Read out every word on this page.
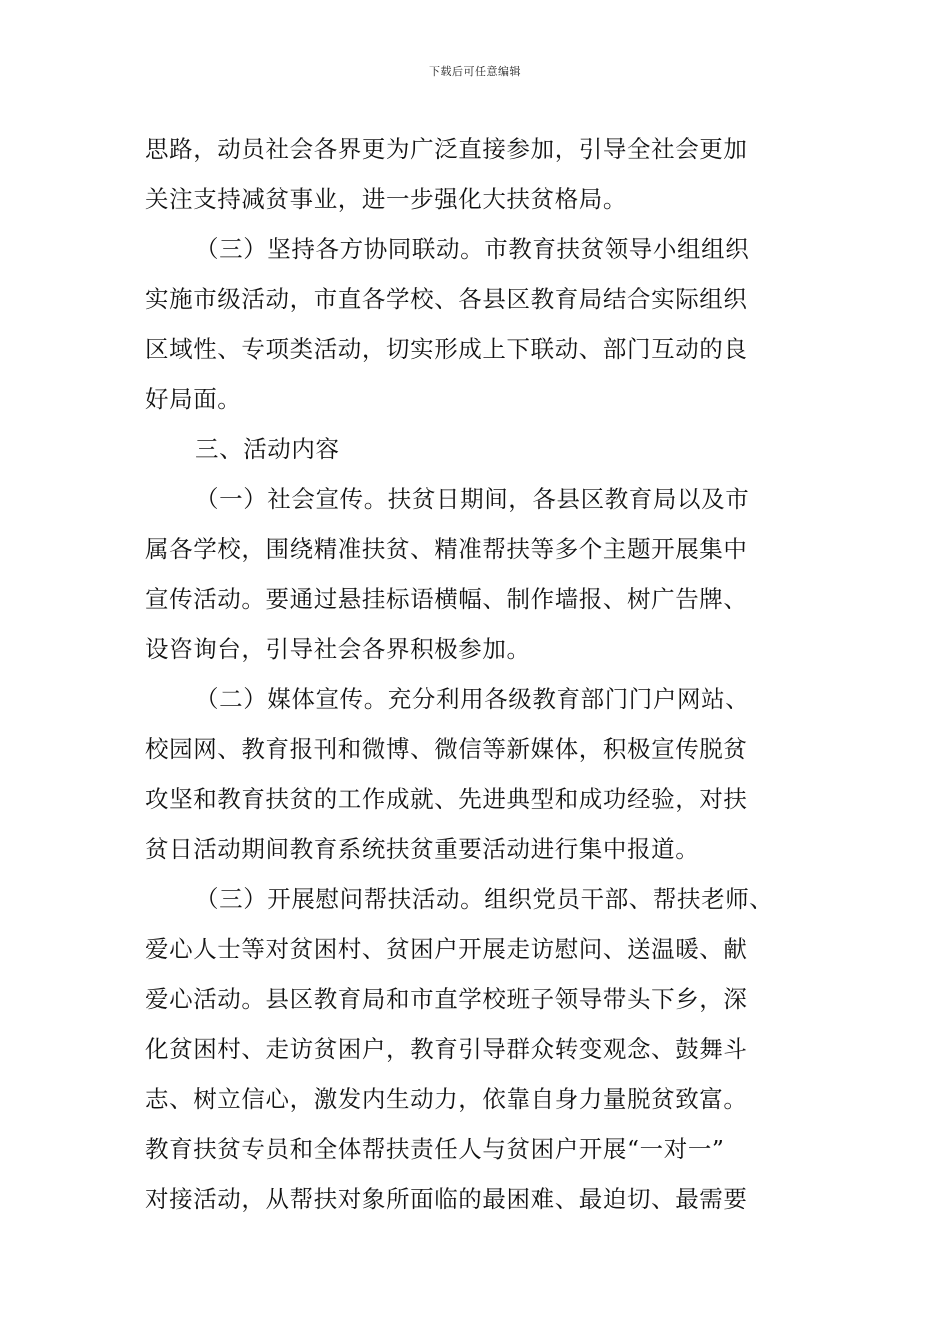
下载后可任意编辑
思路，动员社会各界更为广泛直接参加，引导全社会更加
关注支持减贫事业，进一步强化大扶贫格局。
（三）坚持各方协同联动。市教育扶贫领导小组组织
实施市级活动，市直各学校、各县区教育局结合实际组织
区域性、专项类活动，切实形成上下联动、部门互动的良
好局面。
三、活动内容
（一）社会宣传。扶贫日期间，各县区教育局以及市
属各学校，围绕精准扶贫、精准帮扶等多个主题开展集中
宣传活动。要通过悬挂标语横幅、制作墙报、树广告牌、
设咨询台，引导社会各界积极参加。
（二）媒体宣传。充分利用各级教育部门门户网站、
校园网、教育报刊和微博、微信等新媒体，积极宣传脱贫
攻坚和教育扶贫的工作成就、先进典型和成功经验，对扶
贫日活动期间教育系统扶贫重要活动进行集中报道。
（三）开展慰问帮扶活动。组织党员干部、帮扶老师、
爱心人士等对贫困村、贫困户开展走访慰问、送温暖、献
爱心活动。县区教育局和市直学校班子领导带头下乡，深
化贫困村、走访贫困户，教育引导群众转变观念、鼓舞斗
志、树立信心，激发内生动力，依靠自身力量脱贫致富。
教育扶贫专员和全体帮扶责任人与贫困户开展“一对一”
对接活动，从帮扶对象所面临的最困难、最迫切、最需要
